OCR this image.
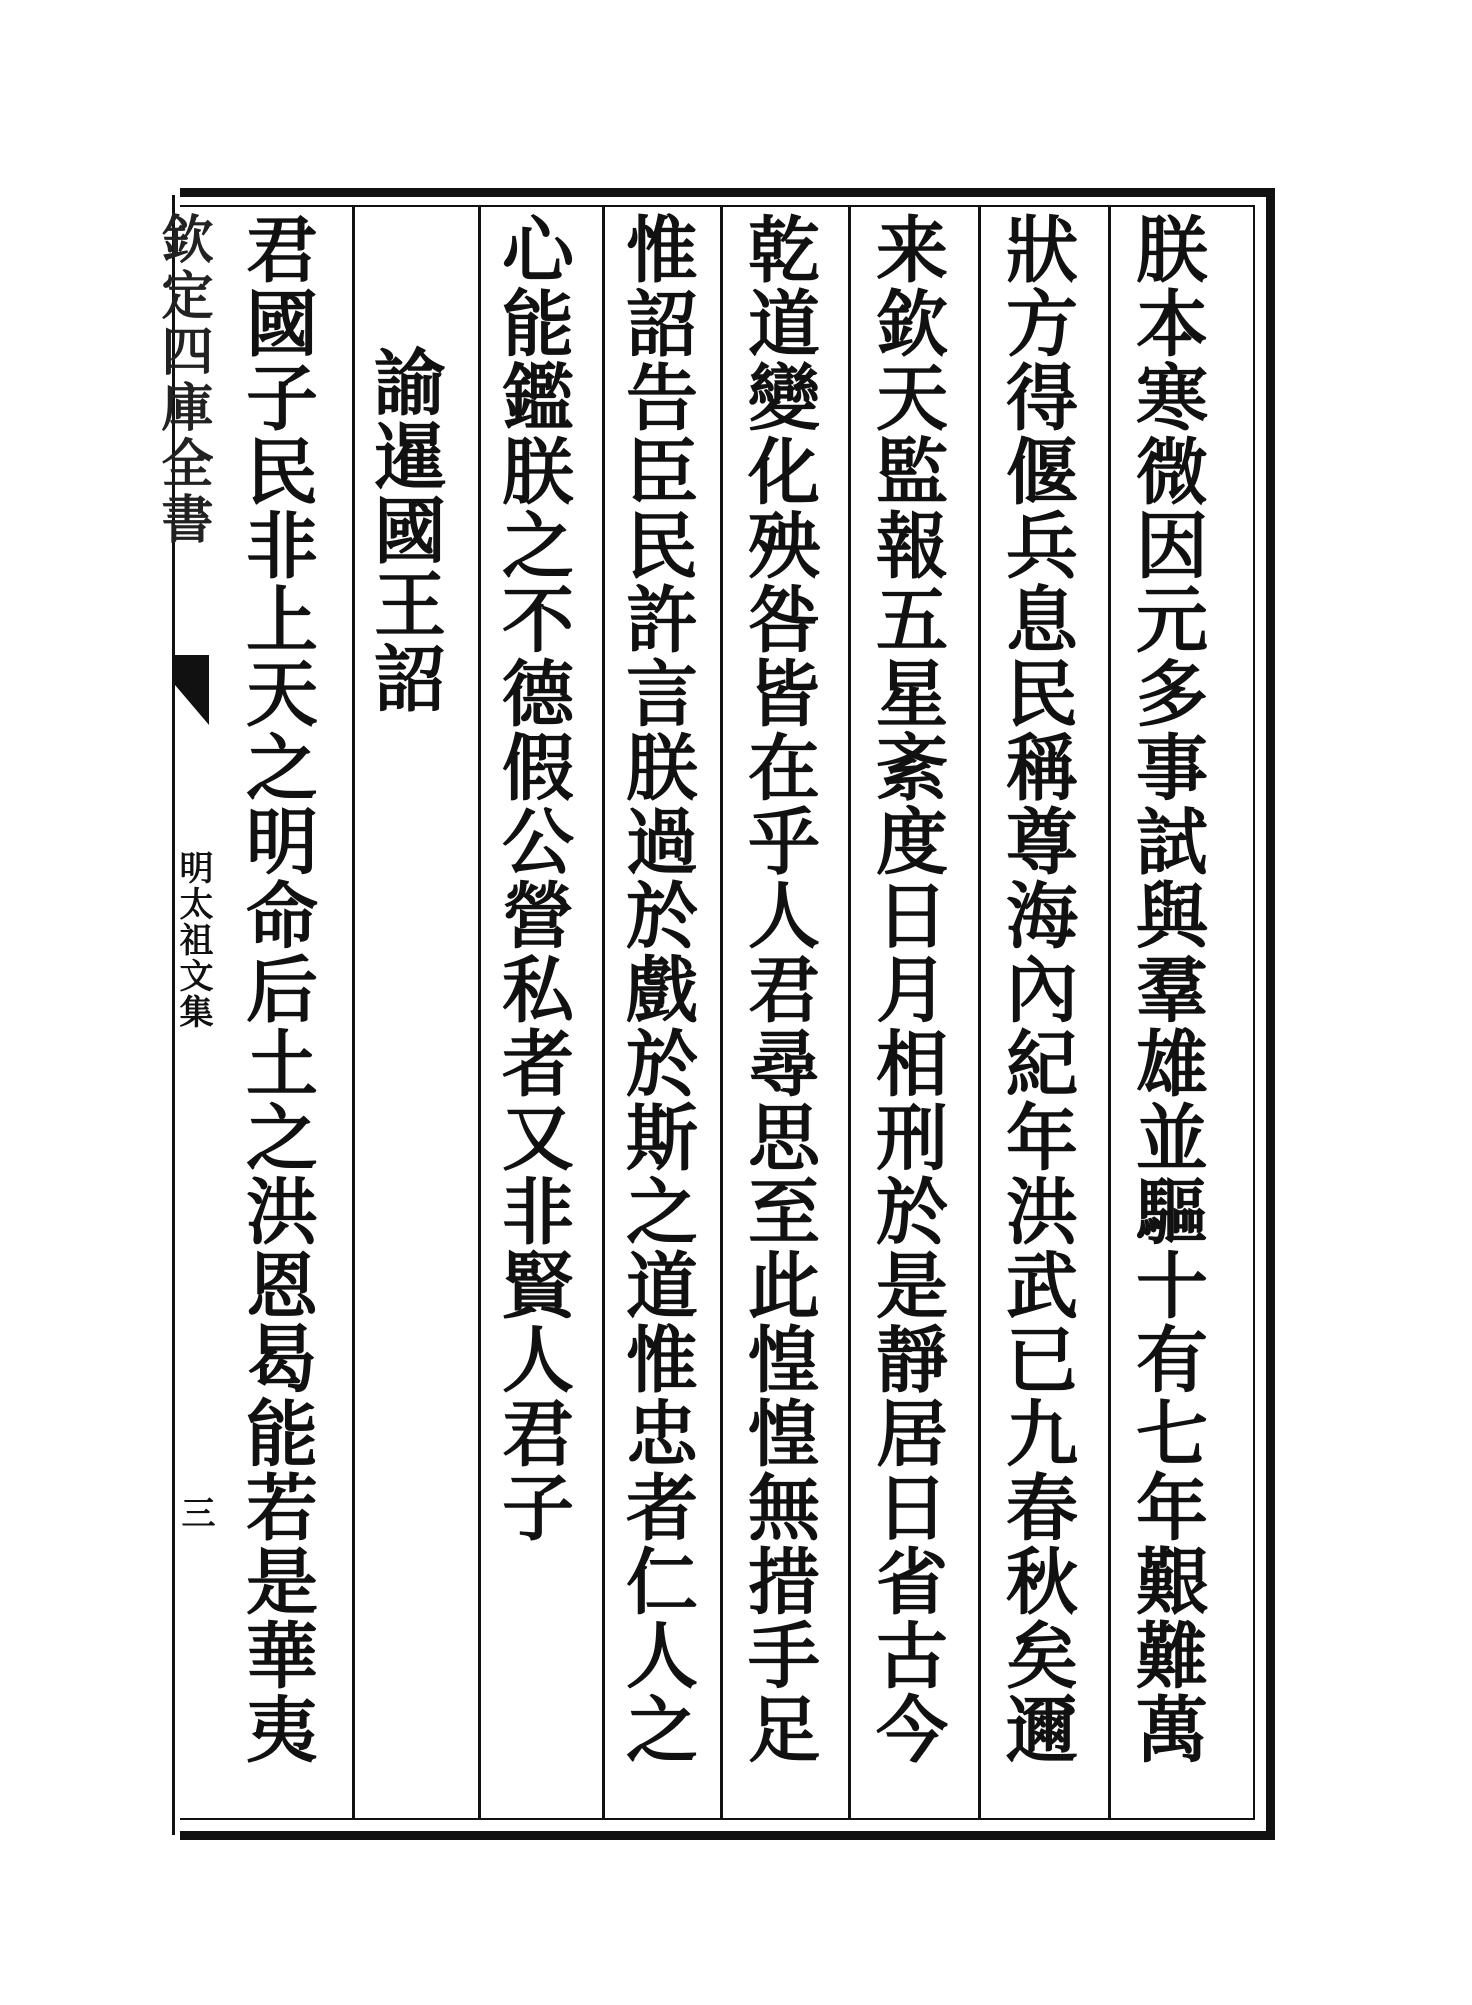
欽定四庫全書
明太祖文集
三	朕本寒微因元多事試與羣雄並驅十有七年艱難萬
狀方得偃兵息民稱尊海內紀年洪武已九春秋矣邇
来欽天監報五星紊度日月相刑於是靜居日省古今
乾道變化殃咎皆在乎人君尋思至此惶惶無措手足
惟詔告臣民許言朕過於戲於斯之道惟忠者仁人之
心能鑑朕之不德假公營私者又非賢人君子
諭暹國王詔
君國子民非上天之明命后土之洪恩曷能若是華夷
